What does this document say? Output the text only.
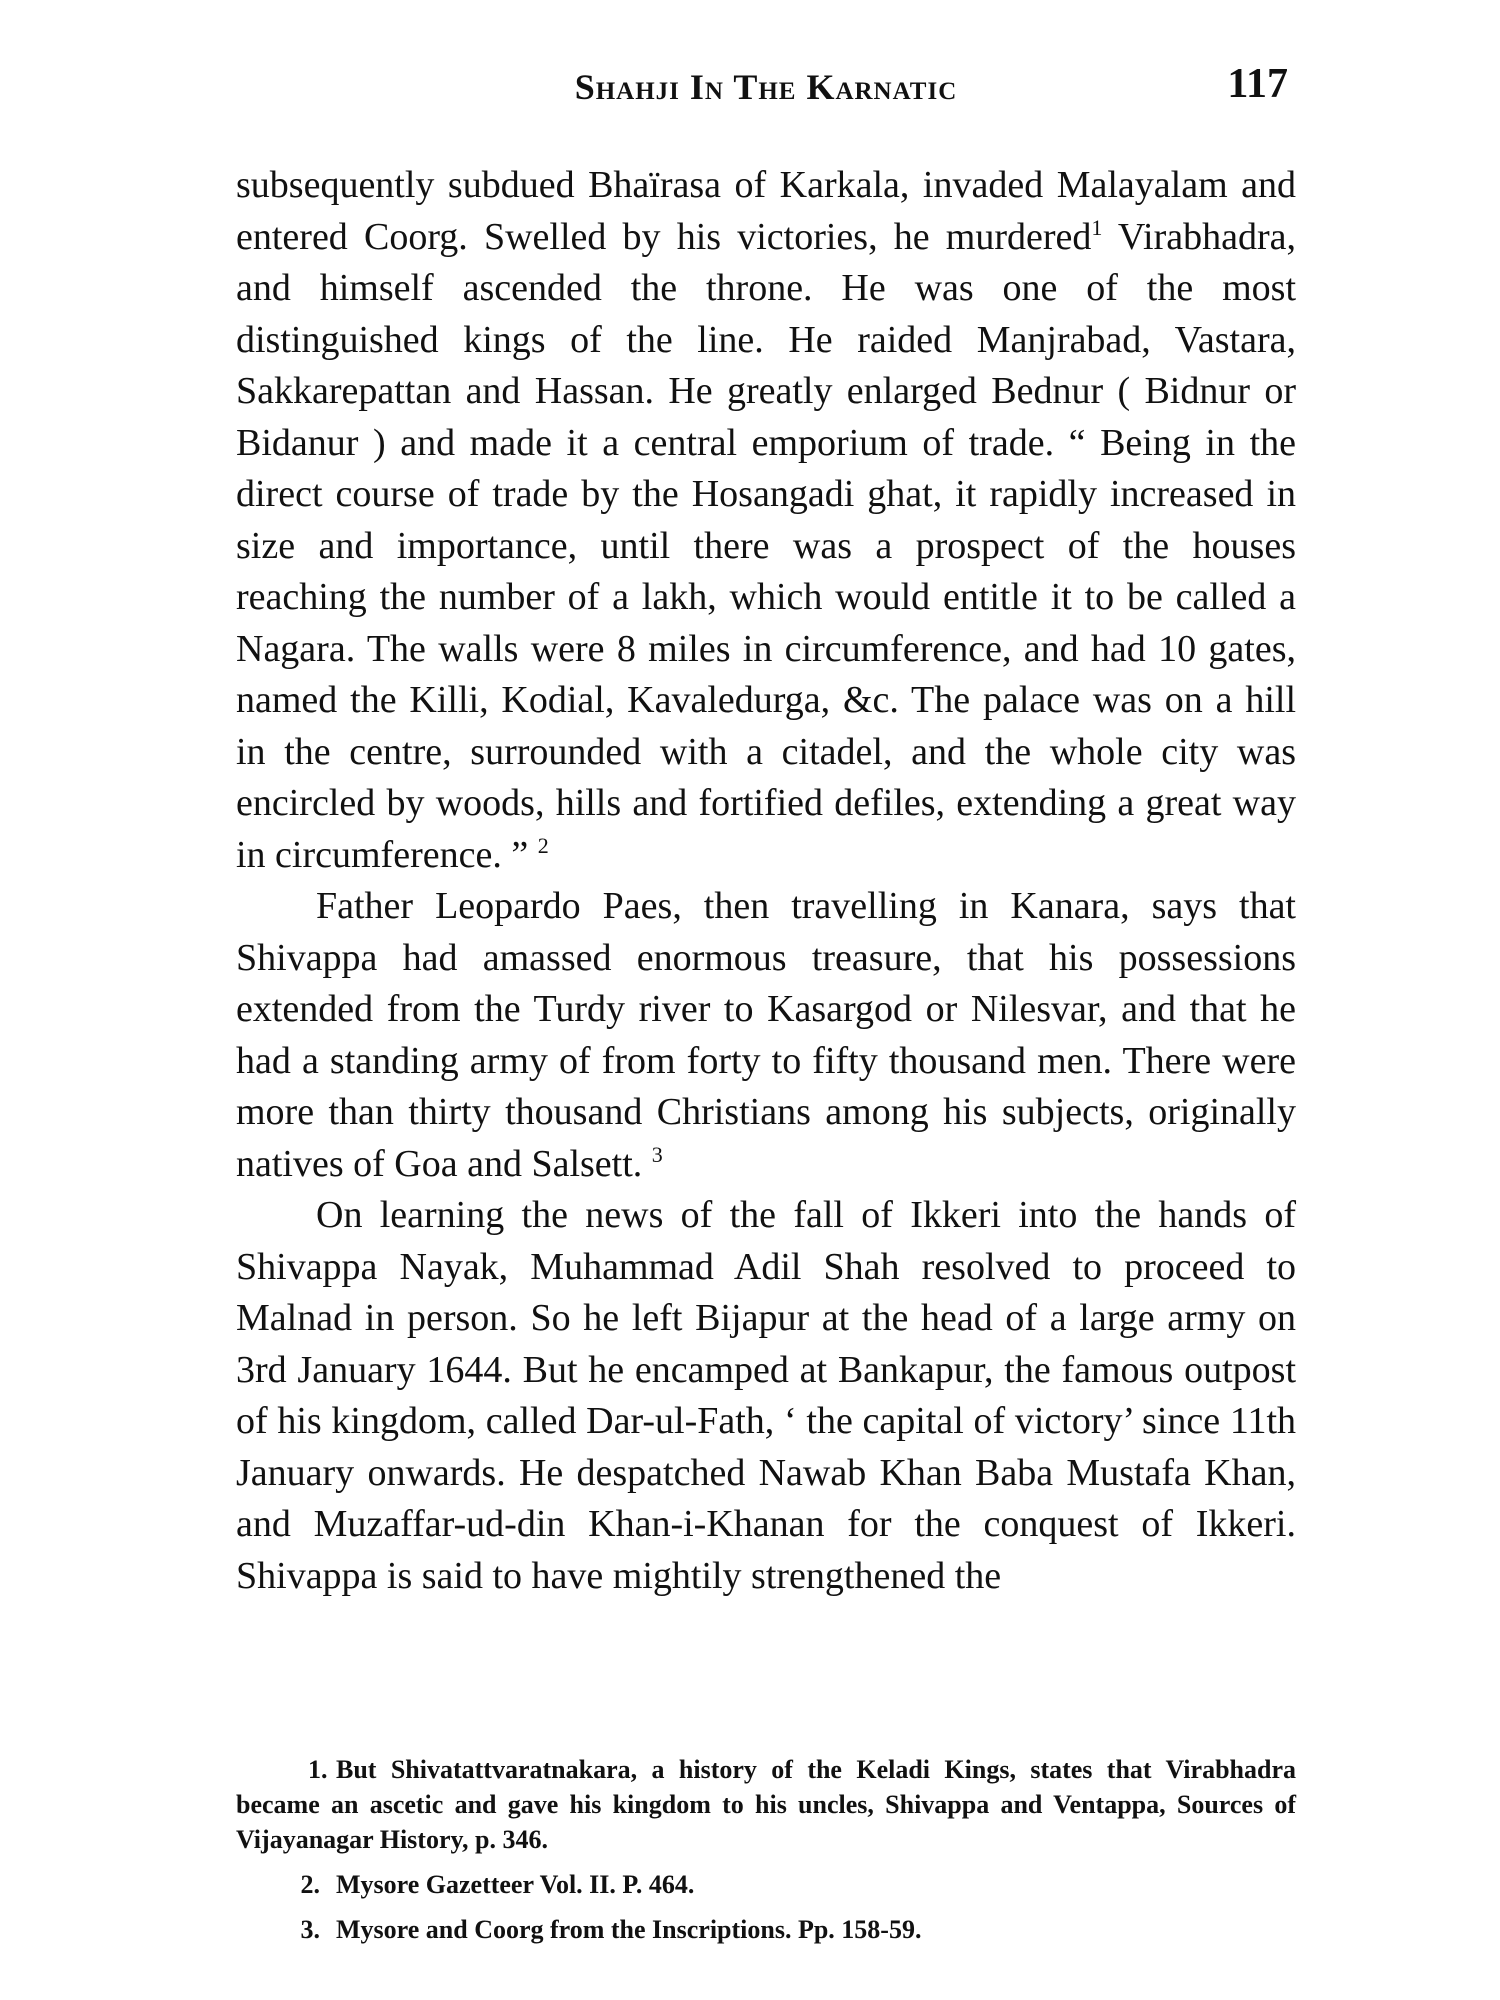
Shahji In The Karnatic	117

subsequently subdued Bhaïrasa of Karkala, invaded Malayalam and entered Coorg. Swelled by his victories, he murdered$^1$ Virabhadra, and himself ascended the throne. He was one of the most distinguished kings of the line. He raided Manjrabad, Vastara, Sakkarepattan and Hassan. He greatly enlarged Bednur ( Bidnur or Bidanur ) and made it a central emporium of trade. “ Being in the direct course of trade by the Hosangadi ghat, it rapidly increased in size and importance, until there was a prospect of the houses reaching the number of a lakh, which would entitle it to be called a Nagara. The walls were 8 miles in circumference, and had 10 gates, named the Killi, Kodial, Kavaledurga, &c. The palace was on a hill in the centre, surrounded with a citadel, and the whole city was encircled by woods, hills and fortified defiles, extending a great way in circumference. ” $^2$

Father Leopardo Paes, then travelling in Kanara, says that Shivappa had amassed enormous treasure, that his possessions extended from the Turdy river to Kasargod or Nilesvar, and that he had a standing army of from forty to fifty thousand men. There were more than thirty thousand Christians among his subjects, originally natives of Goa and Salsett. $^3$

On learning the news of the fall of Ikkeri into the hands of Shivappa Nayak, Muhammad Adil Shah resolved to proceed to Malnad in person. So he left Bijapur at the head of a large army on 3rd January 1644. But he encamped at Bankapur, the famous outpost of his kingdom, called Dar-ul-Fath, ‘ the capital of victory’ since 11th January onwards. He despatched Nawab Khan Baba Mustafa Khan, and Muzaffar-ud-din Khan-i-Khanan for the conquest of Ikkeri. Shivappa is said to have mightily strengthened the

1. But Shivatattvaratnakara, a history of the Keladi Kings, states that Virabhadra became an ascetic and gave his kingdom to his uncles, Shivappa and Ventappa, Sources of Vijayanagar History, p. 346.

2. Mysore Gazetteer Vol. II. P. 464.

3. Mysore and Coorg from the Inscriptions. Pp. 158-59.
